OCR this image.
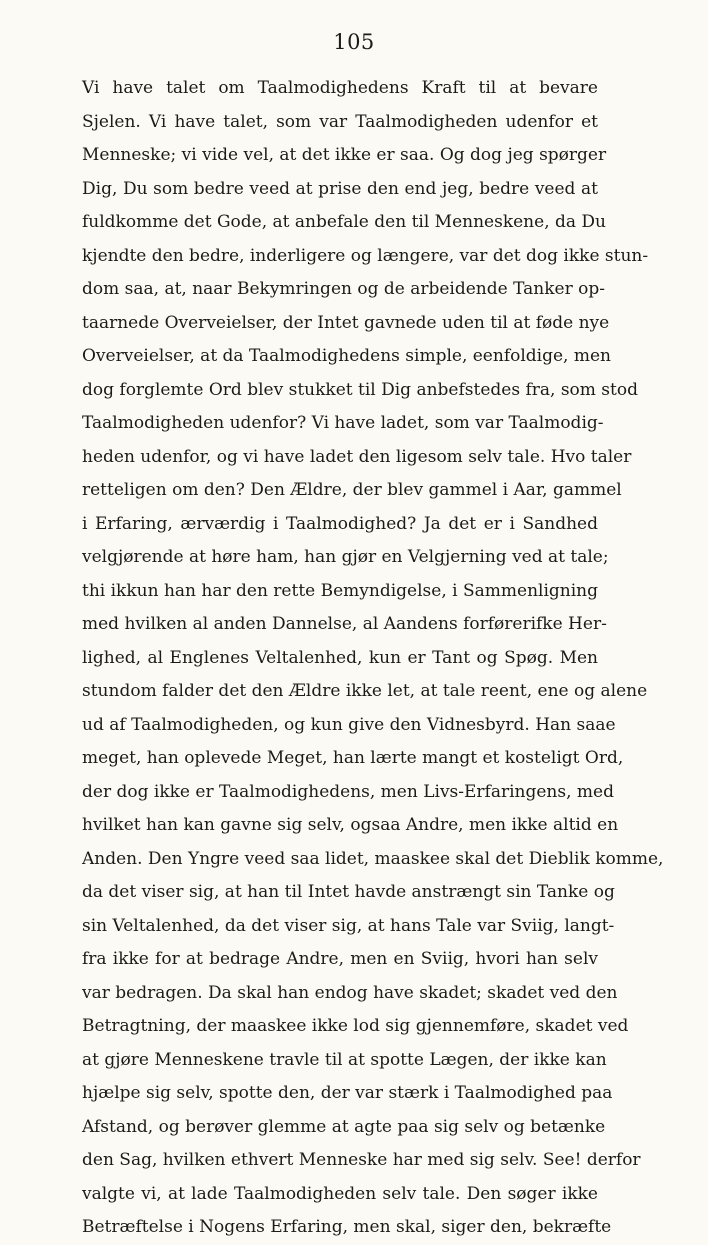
105
Vi have talet om Taalmodighedens Kraft til at bevare
Sjelen. Vi have talet, som var Taalmodigheden udenfor et
Menneske; vi vide vel, at det ikke er saa. Og dog jeg spørger
Dig, Du som bedre veed at prise den end jeg, bedre veed at
fuldkomme det Gode, at anbefale den til Menneskene, da Du
kjendte den bedre, inderligere og længere, var det dog ikke stun-
dom saa, at, naar Bekymringen og de arbeidende Tanker op-
taarnede Overveielser, der Intet gavnede uden til at føde nye
Overveielser, at da Taalmodighedens simple, eenfoldige, men
dog forglemte Ord blev stukket til Dig anbefstedes fra, som stod
Taalmodigheden udenfor? Vi have ladet, som var Taalmodig-
heden udenfor, og vi have ladet den ligesom selv tale. Hvo taler
retteligen om den? Den Ældre, der blev gammel i Aar, gammel
i Erfaring, ærværdig i Taalmodighed? Ja det er i Sandhed
velgjørende at høre ham, han gjør en Velgjerning ved at tale;
thi ikkun han har den rette Bemyndigelse, i Sammenligning
med hvilken al anden Dannelse, al Aandens forførerifke Her-
lighed, al Englenes Veltalenhed, kun er Tant og Spøg. Men
stundom falder det den Ældre ikke let, at tale reent, ene og alene
ud af Taalmodigheden, og kun give den Vidnesbyrd. Han saae
meget, han oplevede Meget, han lærte mangt et kosteligt Ord,
der dog ikke er Taalmodighedens, men Livs-Erfaringens, med
hvilket han kan gavne sig selv, ogsaa Andre, men ikke altid en
Anden. Den Yngre veed saa lidet, maaskee skal det Dieblik komme,
da det viser sig, at han til Intet havde anstrængt sin Tanke og
sin Veltalenhed, da det viser sig, at hans Tale var Sviig, langt-
fra ikke for at bedrage Andre, men en Sviig, hvori han selv
var bedragen. Da skal han endog have skadet; skadet ved den
Betragtning, der maaskee ikke lod sig gjennemføre, skadet ved
at gjøre Menneskene travle til at spotte Lægen, der ikke kan
hjælpe sig selv, spotte den, der var stærk i Taalmodighed paa
Afstand, og berøver glemme at agte paa sig selv og betænke
den Sag, hvilken ethvert Menneske har med sig selv. See! derfor
valgte vi, at lade Taalmodigheden selv tale. Den søger ikke
Betræftelse i Nogens Erfaring, men skal, siger den, bekræfte
